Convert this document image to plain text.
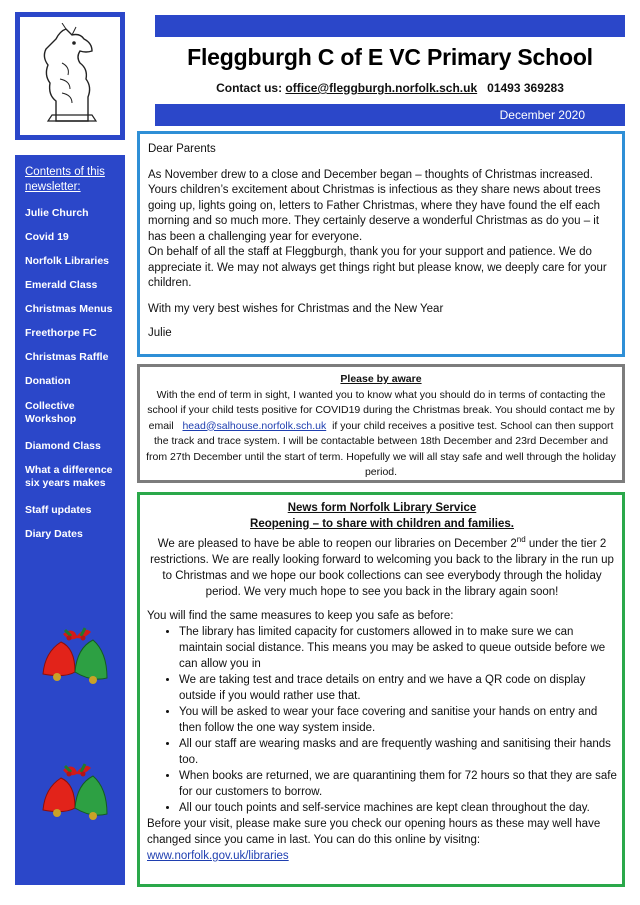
Fleggburgh C of E VC Primary School
Contact us: office@fleggburgh.norfolk.sch.uk 01493 369283
December 2020
Contents of this newsletter:
Julie Church
Covid 19
Norfolk Libraries
Emerald Class
Christmas Menus
Freethorpe FC
Christmas Raffle
Donation
Collective Workshop
Diamond Class
What a difference six years makes
Staff updates
Diary Dates

Dear Parents

As November drew to a close and December began – thoughts of Christmas increased. Yours children’s excitement about Christmas is infectious as they share news about trees going up, lights going on, letters to Father Christmas, where they have found the elf each morning and so much more. They certainly deserve a wonderful Christmas as do you – it has been a challenging year for everyone.

On behalf of all the staff at Fleggburgh, thank you for your support and patience. We do appreciate it. We may not always get things right but please know, we deeply care for your children.

With my very best wishes for Christmas and the New Year

Julie

Please by aware
With the end of term in sight, I wanted you to know what you should do in terms of contacting the school if your child tests positive for COVID19 during the Christmas break. You should contact me by email head@salhouse.norfolk.sch.uk if your child receives a positive test. School can then support the track and trace system. I will be contactable between 18th December and 23rd December and from 27th December until the start of term. Hopefully we will all stay safe and well through the holiday period.
News form Norfolk Library Service
Reopening – to share with children and families.

We are pleased to have be able to reopen our libraries on December 2nd under the tier 2 restrictions. We are really looking forward to welcoming you back to the library in the run up to Christmas and we hope our book collections can see everybody through the holiday period. We very much hope to see you back in the library again soon!

You will find the same measures to keep you safe as before:

• The library has limited capacity for customers allowed in to make sure we can maintain social distance. This means you may be asked to queue outside before we can allow you in
• We are taking test and trace details on entry and we have a QR code on display outside if you would rather use that.
• You will be asked to wear your face covering and sanitise your hands on entry and then follow the one way system inside.
• All our staff are wearing masks and are frequently washing and sanitising their hands too.
• When books are returned, we are quarantining them for 72 hours so that they are safe for our customers to borrow.
• All our touch points and self-service machines are kept clean throughout the day.

Before your visit, please make sure you check our opening hours as these may well have changed since you came in last. You can do this online by visitng:

www.norfolk.gov.uk/libraries
